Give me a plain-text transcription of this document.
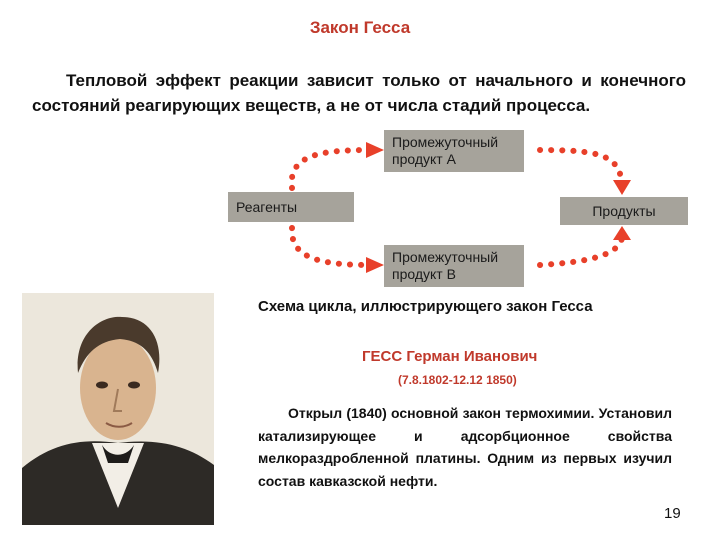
Закон Гесса

Тепловой эффект реакции зависит только от начального и конечного состояний реагирующих веществ, а не от числа стадий процесса.

Реагенты
Промежуточный продукт А
Промежуточный продукт В
Продукты
Схема цикла, иллюстрирующего закон Гесса
ГЕСС Герман Иванович
(7.8.1802-12.12 1850)

Открыл (1840) основной закон термохимии. Установил катализирующее и адсорбционное свойства мелкораздробленной платины. Одним из первых изучил состав кавказской нефти.

19
